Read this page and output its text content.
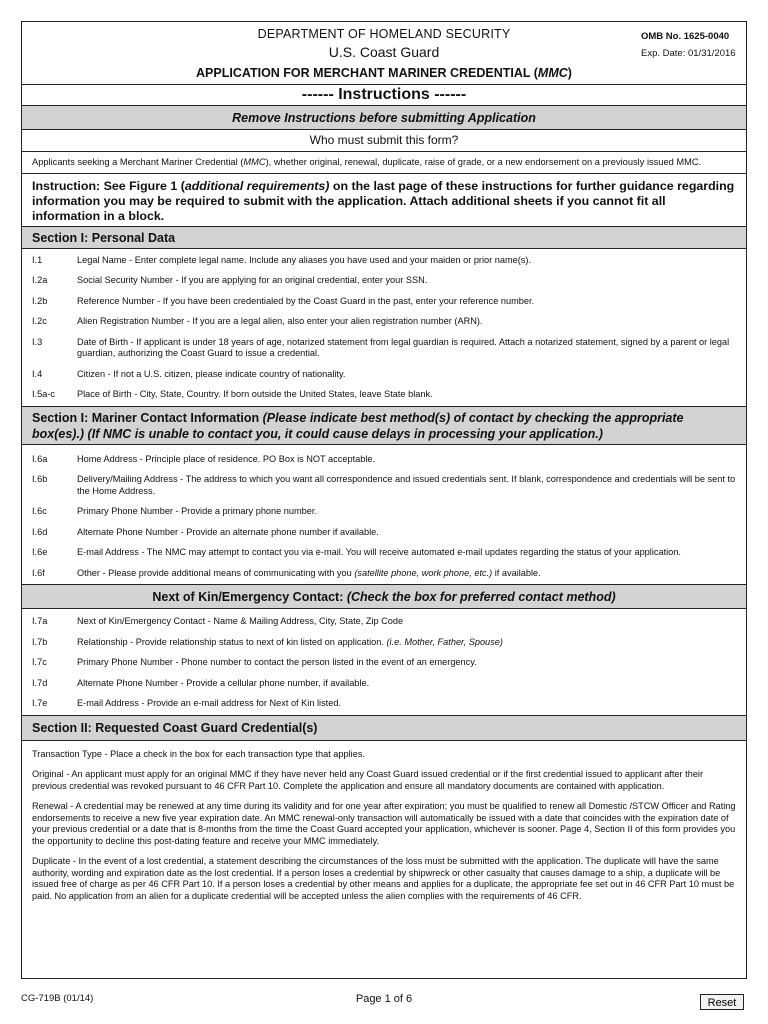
DEPARTMENT OF HOMELAND SECURITY
U.S. Coast Guard
APPLICATION FOR MERCHANT MARINER CREDENTIAL (MMC)
OMB No. 1625-0040
Exp. Date: 01/31/2016
------ Instructions ------
Remove Instructions before submitting Application
Who must submit this form?
Applicants seeking a Merchant Mariner Credential (MMC), whether original, renewal, duplicate, raise of grade, or a new endorsement on a previously issued MMC.
Instruction: See Figure 1 (additional requirements) on the last page of these instructions for further guidance regarding information you may be required to submit with the application. Attach additional sheets if you cannot fit all information in a block.
Section I: Personal Data
I.1	Legal Name - Enter complete legal name. Include any aliases you have used and your maiden or prior name(s).
I.2a	Social Security Number - If you are applying for an original credential, enter your SSN.
I.2b	Reference Number - If you have been credentialed by the Coast Guard in the past, enter your reference number.
I.2c	Alien Registration Number - If you are a legal alien, also enter your alien registration number (ARN).
I.3	Date of Birth - If applicant is under 18 years of age, notarized statement from legal guardian is required. Attach a notarized statement, signed by a parent or legal guardian, authorizing the Coast Guard to issue a credential.
I.4	Citizen - If not a U.S. citizen, please indicate country of nationality.
I.5a-c	Place of Birth - City, State, Country. If born outside the United States, leave State blank.
Section I: Mariner Contact Information (Please indicate best method(s) of contact by checking the appropriate box(es).) (If NMC is unable to contact you, it could cause delays in processing your application.)
I.6a	Home Address - Principle place of residence. PO Box is NOT acceptable.
I.6b	Delivery/Mailing Address - The address to which you want all correspondence and issued credentials sent. If blank, correspondence and credentials will be sent to the Home Address.
I.6c	Primary Phone Number - Provide a primary phone number.
I.6d	Alternate Phone Number - Provide an alternate phone number if available.
I.6e	E-mail Address - The NMC may attempt to contact you via e-mail. You will receive automated e-mail updates regarding the status of your application.
I.6f	Other - Please provide additional means of communicating with you (satellite phone, work phone, etc.) if available.
Next of Kin/Emergency Contact: (Check the box for preferred contact method)
I.7a	Next of Kin/Emergency Contact - Name & Mailing Address, City, State, Zip Code
I.7b	Relationship - Provide relationship status to next of kin listed on application. (i.e. Mother, Father, Spouse)
I.7c	Primary Phone Number - Phone number to contact the person listed in the event of an emergency.
I.7d	Alternate Phone Number - Provide a cellular phone number, if available.
I.7e	E-mail Address - Provide an e-mail address for Next of Kin listed.
Section II: Requested Coast Guard Credential(s)
Transaction Type - Place a check in the box for each transaction type that applies.
Original - An applicant must apply for an original MMC if they have never held any Coast Guard issued credential or if the first credential issued to applicant after their previous credential was revoked pursuant to 46 CFR Part 10. Complete the application and ensure all mandatory documents are contained with application.
Renewal - A credential may be renewed at any time during its validity and for one year after expiration; you must be qualified to renew all Domestic /STCW Officer and Rating endorsements to receive a new five year expiration date. An MMC renewal-only transaction will automatically be issued with a date that coincides with the expiration date of your previous credential or a date that is 8-months from the time the Coast Guard accepted your application, whichever is sooner. Page 4, Section II of this form provides you the opportunity to decline this post-dating feature and receive your MMC immediately.
Duplicate - In the event of a lost credential, a statement describing the circumstances of the loss must be submitted with the application. The duplicate will have the same authority, wording and expiration date as the lost credential. If a person loses a credential by shipwreck or other casualty that causes damage to a ship, a duplicate will be issued free of charge as per 46 CFR Part 10. If a person loses a credential by other means and applies for a duplicate, the appropriate fee set out in 46 CFR Part 10 must be paid. No application from an alien for a duplicate credential will be accepted unless the alien complies with the requirements of 46 CFR.
CG-719B (01/14)	Page 1 of 6	Reset
